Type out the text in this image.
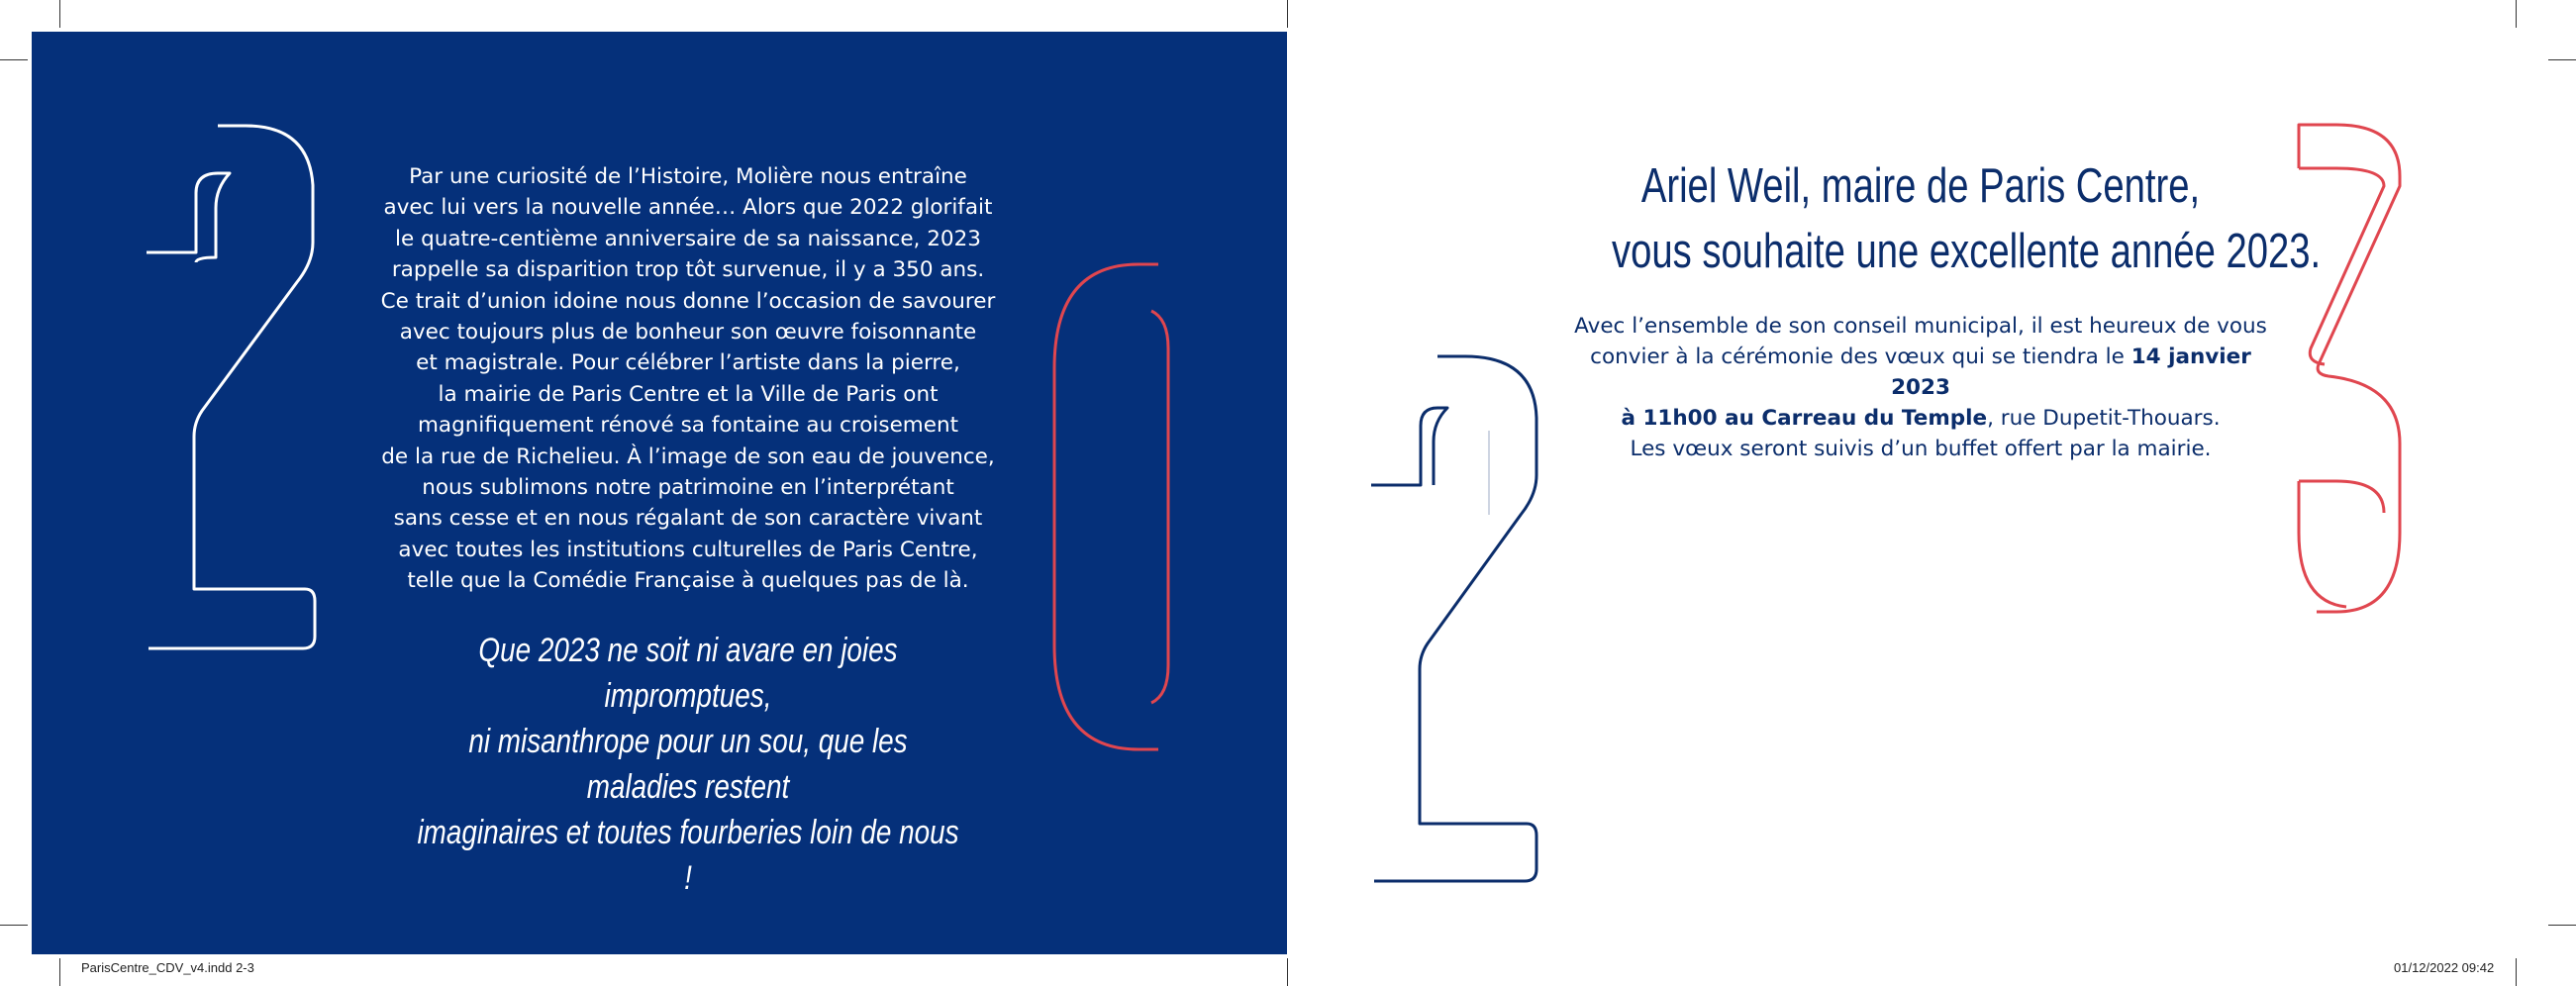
Par une curiosité de l’Histoire, Molière nous entraîne

avec lui vers la nouvelle année… Alors que 2022 glorifait

le quatre-centième anniversaire de sa naissance, 2023

rappelle sa disparition trop tôt survenue, il y a 350 ans.

Ce trait d’union idoine nous donne l’occasion de savourer

avec toujours plus de bonheur son œuvre foisonnante

et magistrale. Pour célébrer l’artiste dans la pierre,

la mairie de Paris Centre et la Ville de Paris ont

magnifiquement rénové sa fontaine au croisement

de la rue de Richelieu. À l’image de son eau de jouvence,

nous sublimons notre patrimoine en l’interprétant

sans cesse et en nous régalant de son caractère vivant

avec toutes les institutions culturelles de Paris Centre,

telle que la Comédie Française à quelques pas de là.

Que 2023 ne soit ni avare en joies impromptues,
ni misanthrope pour un sou, que les maladies restent
imaginaires et toutes fourberies loin de nous !
Ariel Weil, maire de Paris Centre,
vous souhaite une excellente année 2023.

Avec l’ensemble de son conseil municipal, il est heureux de vous

convier à la cérémonie des vœux qui se tiendra le 14 janvier 2023

à 11h00 au Carreau du Temple, rue Dupetit-Thouars.

Les vœux seront suivis d’un buffet offert par la mairie.

ParisCentre_CDV_v4.indd 2-3	01/12/2022 09:42
